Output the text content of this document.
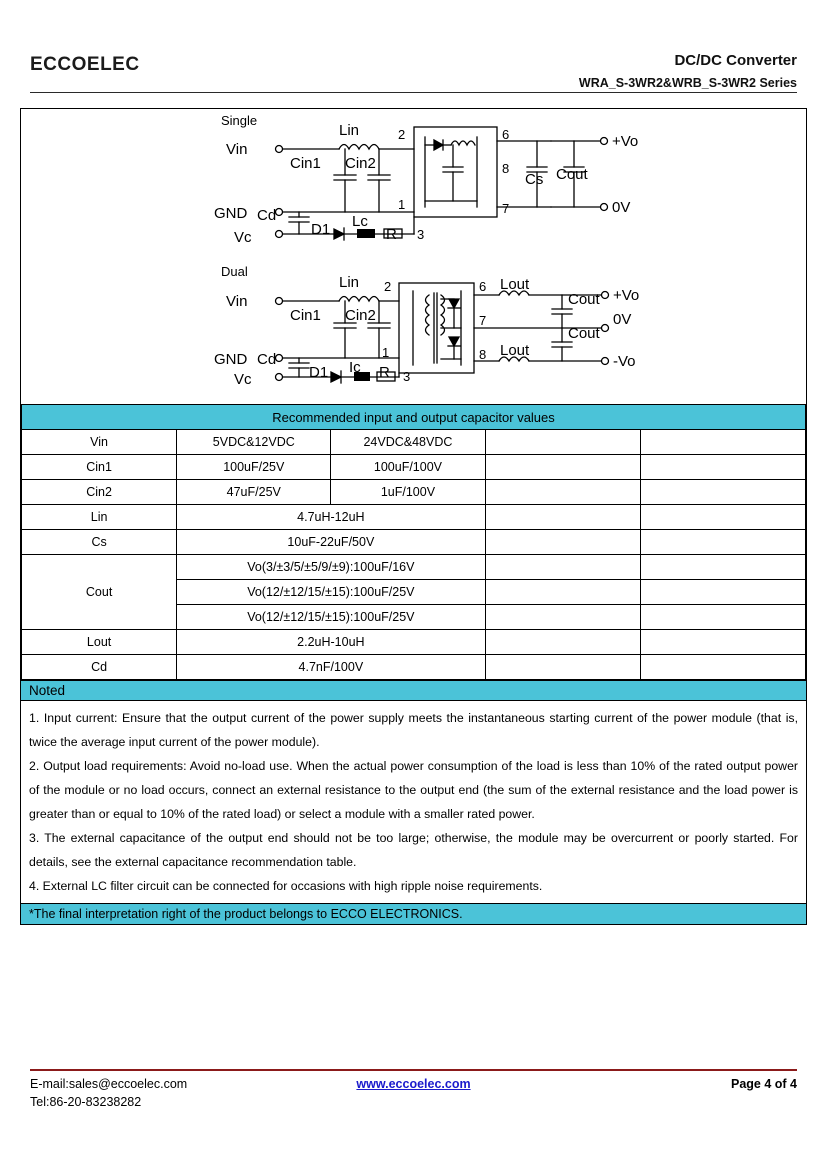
ECCOELEC	DC/DC Converter
WRA_S-3WR2&WRB_S-3WR2 Series
Single
Vin
GND
Vc
Cd
D1 Lc
R
Lin
Cin1 Cin2
Cs Cout
+Vo
0V
1
2
3
6
7
8
Dual
Vin
GND
Vc
Cd
D1 Ic R
Lin
Cin1 Cin2
Lout
Lout
Cout
Cout
+Vo
0V
-Vo
1
2
3
6
7
8
Recommended input and output capacitor values				
Vin	5VDC&12VDC	24VDC&48VDC		
Cin1	100uF/25V	100uF/100V		
Cin2	47uF/25V	1uF/100V		
Lin	4.7uH-12uH			
Cs	10uF-22uF/50V			
Cout	Vo(3/±3/5/±5/9/±9):100uF/16V			
	Vo(12/±12/15/±15):100uF/25V			
	Vo(12/±12/15/±15):100uF/25V			
Lout	2.2uH-10uH			
Cd	4.7nF/100V			
Noted

1. Input current: Ensure that the output current of the power supply meets the instantaneous starting current of the power module (that is, twice the average input current of the power module).

2. Output load requirements: Avoid no-load use. When the actual power consumption of the load is less than 10% of the rated output power of the module or no load occurs, connect an external resistance to the output end (the sum of the external resistance and the load power is greater than or equal to 10% of the rated load) or select a module with a smaller rated power.

3. The external capacitance of the output end should not be too large; otherwise, the module may be overcurrent or poorly started. For details, see the external capacitance recommendation table.

4. External LC filter circuit can be connected for occasions with high ripple noise requirements.

*The final interpretation right of the product belongs to ECCO ELECTRONICS.
E-mail:sales@eccoelec.com	www.eccoelec.com	Page 4 of 4
Tel:86-20-83238282
